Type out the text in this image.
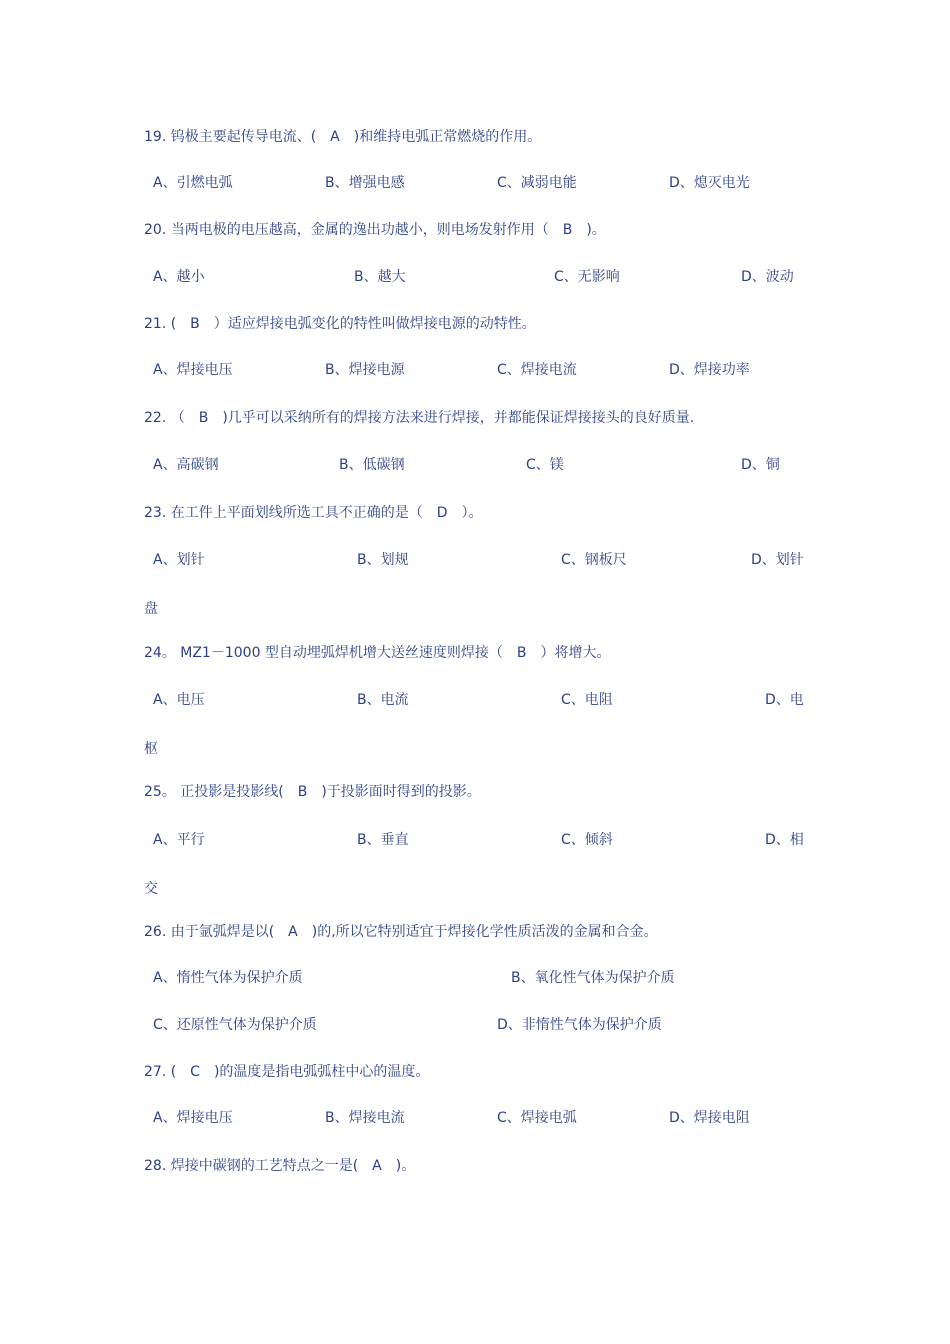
19. 钨极主要起传导电流、(　A　)和维持电弧正常燃烧的作用。
A、引燃电弧	B、增强电感	C、减弱电能	D、熄灭电光
20. 当两电极的电压越高，金属的逸出功越小，则电场发射作用（　B　)。
A、越小	B、越大	C、无影响	D、波动
21. (　B　）适应焊接电弧变化的特性叫做焊接电源的动特性。
A、焊接电压	B、焊接电源	C、焊接电流	D、焊接功率
22. （　B　)几乎可以采纳所有的焊接方法来进行焊接，并都能保证焊接接头的良好质量.
A、高碳钢	B、低碳钢	C、镁	D、铜
23. 在工件上平面划线所选工具不正确的是（　D　）。
A、划针	B、划规	C、钢板尺	D、划针
盘
24。 MZ1－1000 型自动埋弧焊机增大送丝速度则焊接（　B　）将增大。
A、电压	B、电流	C、电阻	D、电
枢
25。 正投影是投影线(　B　)于投影面时得到的投影。
A、平行	B、垂直	C、倾斜	D、相
交
26. 由于氩弧焊是以(　A　)的,所以它特别适宜于焊接化学性质活泼的金属和合金。
A、惰性气体为保护介质	B、氧化性气体为保护介质
C、还原性气体为保护介质	D、非惰性气体为保护介质
27. (　C　)的温度是指电弧弧柱中心的温度。
A、焊接电压	B、焊接电流	C、焊接电弧	D、焊接电阻
28. 焊接中碳钢的工艺特点之一是(　A　)。
